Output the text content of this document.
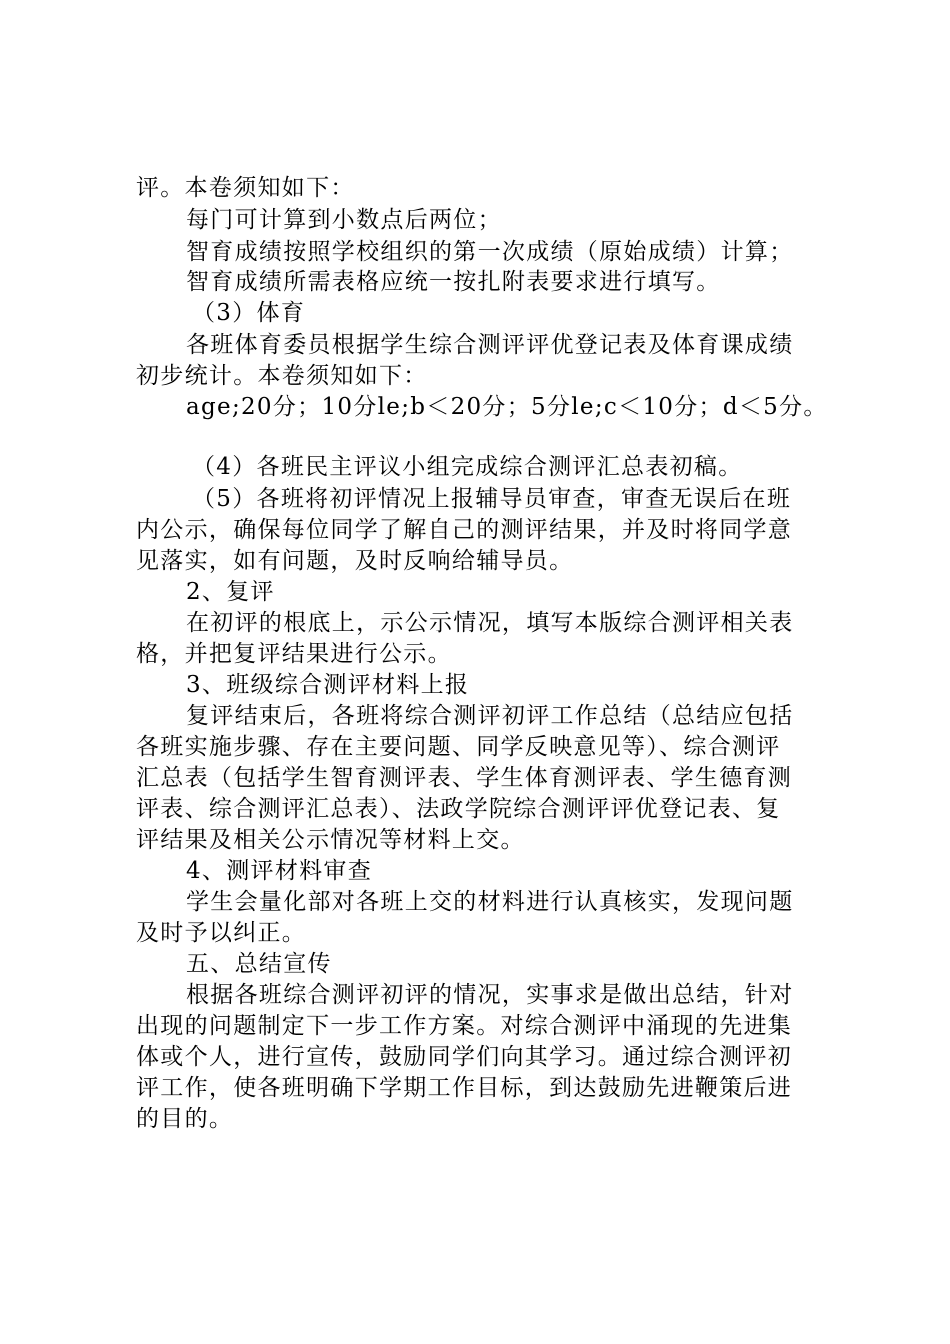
评。本卷须知如下：
每门可计算到小数点后两位；
智育成绩按照学校组织的第一次成绩（原始成绩）计算；
智育成绩所需表格应统一按扎附表要求进行填写。
（3）体育
各班体育委员根据学生综合测评评优登记表及体育课成绩
初步统计。本卷须知如下：
age;20分；10分le;b＜20分；5分le;c＜10分；d＜5分。
（4）各班民主评议小组完成综合测评汇总表初稿。
（5）各班将初评情况上报辅导员审查，审查无误后在班
内公示，确保每位同学了解自己的测评结果，并及时将同学意
见落实，如有问题，及时反响给辅导员。
2、复评
在初评的根底上，示公示情况，填写本版综合测评相关表
格，并把复评结果进行公示。
3、班级综合测评材料上报
复评结束后，各班将综合测评初评工作总结（总结应包括
各班实施步骤、存在主要问题、同学反映意见等）、综合测评
汇总表（包括学生智育测评表、学生体育测评表、学生德育测
评表、综合测评汇总表）、法政学院综合测评评优登记表、复
评结果及相关公示情况等材料上交。
4、测评材料审查
学生会量化部对各班上交的材料进行认真核实，发现问题
及时予以纠正。
五、总结宣传
根据各班综合测评初评的情况，实事求是做出总结，针对
出现的问题制定下一步工作方案。对综合测评中涌现的先进集
体或个人，进行宣传，鼓励同学们向其学习。通过综合测评初
评工作，使各班明确下学期工作目标，到达鼓励先进鞭策后进
的目的。
